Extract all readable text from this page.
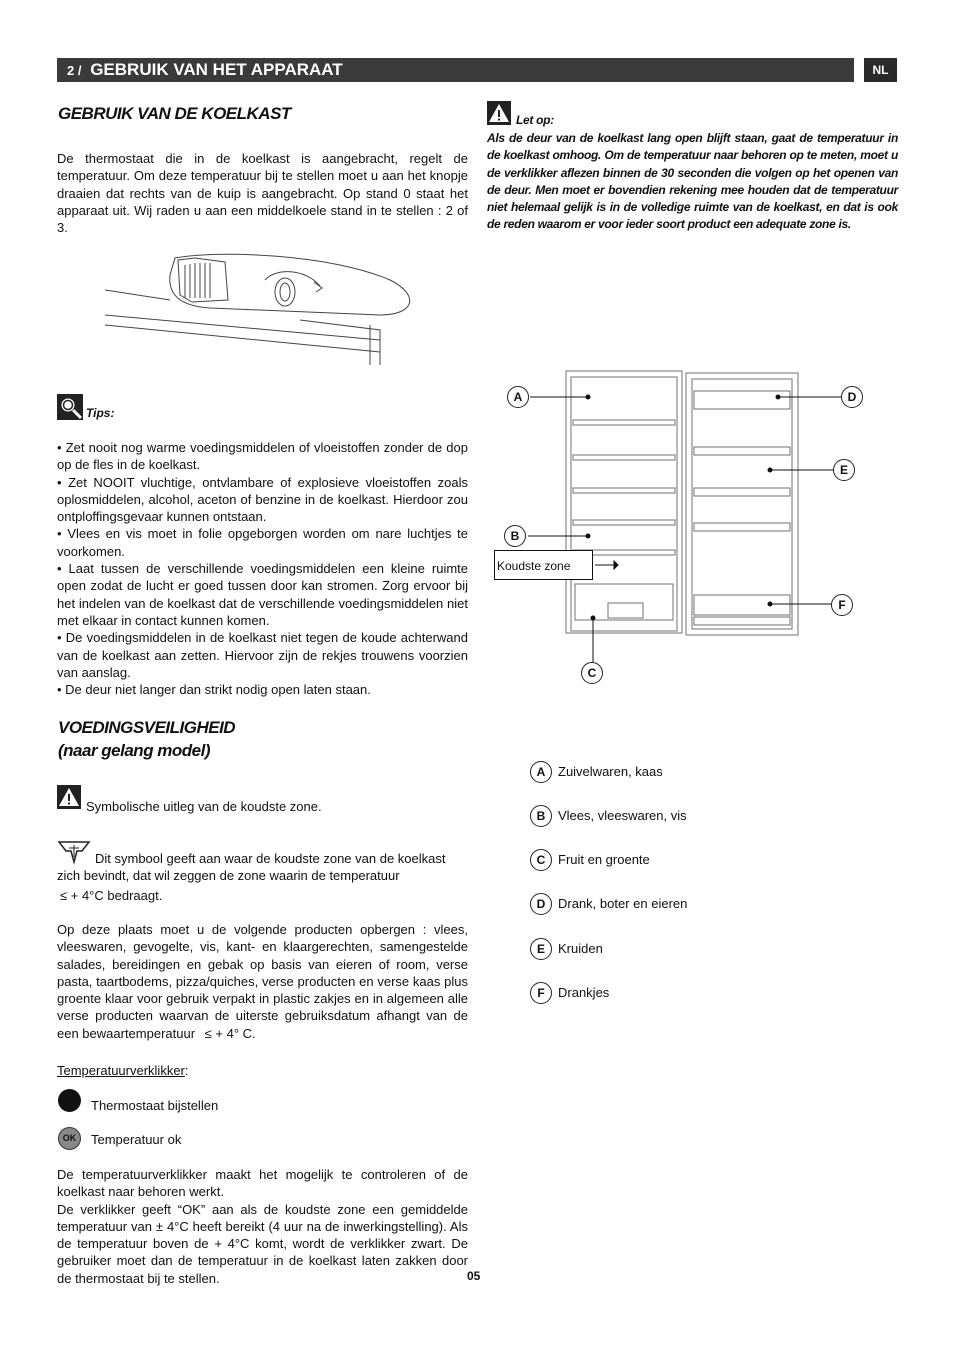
2 / GEBRUIK VAN HET APPARAAT	NL
GEBRUIK VAN DE KOELKAST
De thermostaat die in de koelkast is aangebracht, regelt de temperatuur. Om deze temperatuur bij te stellen moet u aan het knopje draaien dat rechts van de kuip is aangebracht. Op stand 0 staat het apparaat uit. Wij raden u aan een middelkoele stand in te stellen : 2 of 3.
Tips:

• Zet nooit nog warme voedingsmiddelen of vloeistoffen zonder de dop op de fles in de koelkast.

• Zet NOOIT vluchtige, ontvlambare of explosieve vloeistoffen zoals oplosmiddelen, alcohol, aceton of benzine in de koelkast. Hierdoor zou ontploffingsgevaar kunnen ontstaan.

• Vlees en vis moet in folie opgeborgen worden om nare luchtjes te voorkomen.

• Laat tussen de verschillende voedingsmiddelen een kleine ruimte open zodat de lucht er goed tussen door kan stromen. Zorg ervoor bij het indelen van de koelkast dat de verschillende voedingsmiddelen niet met elkaar in contact kunnen komen.

• De voedingsmiddelen in de koelkast niet tegen de koude achterwand van de koelkast aan zetten. Hiervoor zijn de rekjes trouwens voorzien van aanslag.

• De deur niet langer dan strikt nodig open laten staan.

VOEDINGSVEILIGHEID
(naar gelang model)
Symbolische uitleg van de koudste zone.
Dit symbool geeft aan waar de koudste zone van de koelkast zich bevindt, dat wil zeggen de zone waarin de temperatuur
≤ + 4°C bedraagt.
Op deze plaats moet u de volgende producten opbergen : vlees, vleeswaren, gevogelte, vis, kant- en klaargerechten, samengestelde salades, bereidingen en gebak op basis van eieren of room, verse pasta, taartbodems, pizza/quiches, verse producten en verse kaas plus groente klaar voor gebruik verpakt in plastic zakjes en in algemeen alle verse producten waarvan de uiterste gebruiksdatum afhangt van de een bewaartemperatuur ≤ + 4° C.
Temperatuurverklikker:
Thermostaat bijstellen
OK	Temperatuur ok
De temperatuurverklikker maakt het mogelijk te controleren of de koelkast naar behoren werkt.
De verklikker geeft “OK” aan als de koudste zone een gemiddelde temperatuur van ± 4°C heeft bereikt (4 uur na de inwerkingstelling). Als de temperatuur boven de + 4°C komt, wordt de verklikker zwart. De gebruiker moet dan de temperatuur in de koelkast laten zakken door de thermostaat bij te stellen.
Let op:
Als de deur van de koelkast lang open blijft staan, gaat de temperatuur in de koelkast omhoog. Om de temperatuur naar behoren op te meten, moet u de verklikker aflezen binnen de 30 seconden die volgen op het openen van de deur. Men moet er bovendien rekening mee houden dat de temperatuur niet helemaal gelijk is in de volledige ruimte van de koelkast, en dat is ook de reden waarom er voor ieder soort product een adequate zone is.
Koudste zone
A
B
C
D
E
F
A Zuivelwaren, kaas
B Vlees, vleeswaren, vis
C Fruit en groente
D Drank, boter en eieren
E Kruiden
F Drankjes
05
